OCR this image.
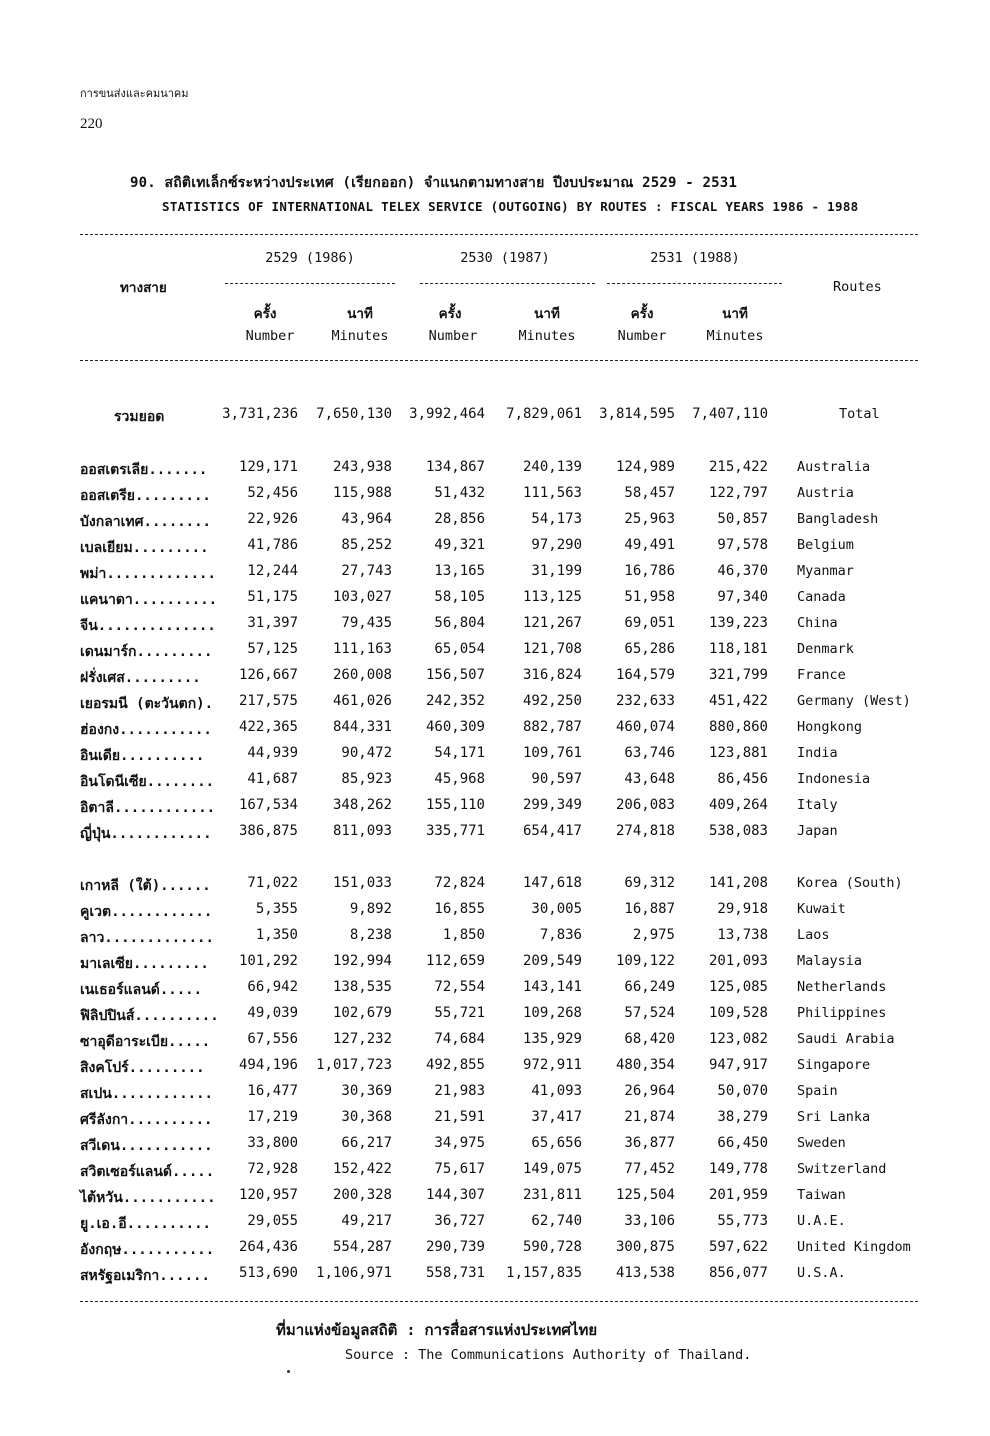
การขนส่งและคมนาคม
220
90. สถิติเทเล็กซ์ระหว่างประเทศ (เรียกออก) จำแนกตามทางสาย ปีงบประมาณ 2529 - 2531
STATISTICS OF INTERNATIONAL TELEX SERVICE (OUTGOING) BY ROUTES : FISCAL YEARS 1986 - 1988
ทางสาย	Routes
2529 (1986)	2530 (1987)	2531 (1988)
ครั้ง	นาที	ครั้ง	นาที	ครั้ง	นาที
Number	Minutes	Number	Minutes	Number	Minutes
รวมยอด	3,731,236 7,650,130 3,992,464 7,829,061 3,814,595 7,407,110	Total
ออสเตรเลีย....... 129,171 243,938 134,867	240,139 124,989 215,422 Australia
ออสเตรีย.........	52,456 115,988	51,432	111,563	58,457 122,797 Austria
บังกลาเทศ........	22,926	43,964	28,856	54,173	25,963	50,857 Bangladesh
เบลเยียม.........	41,786	85,252	49,321	97,290	49,491	97,578 Belgium
พม่า............. 12,244	27,743	13,165	31,199	16,786	46,370 Myanmar
แคนาดา.......... 51,175 103,027	58,105	113,125	51,958	97,340 Canada
จีน.............. 31,397	79,435	56,804	121,267	69,051 139,223 China
เดนมาร์ก.........	57,125 111,163	65,054	121,708	65,286 118,181 Denmark
ฝรั่งเศส.........	126,667 260,008 156,507	316,824 164,579 321,799 France
เยอรมนี (ตะวันตก). 217,575 461,026 242,352	492,250 232,633 451,422 Germany (West)
ฮ่องกง........... 422,365 844,331 460,309	882,787 460,074 880,860 Hongkong
อินเดีย..........	44,939	90,472	54,171	109,761	63,746 123,881 India
อินโดนีเซีย........ 41,687	85,923	45,968	90,597	43,648	86,456 Indonesia
อิตาลี............ 167,534 348,262 155,110	299,349 206,083 409,264 Italy
ญี่ปุ่น............ 386,875 811,093 335,771	654,417 274,818 538,083 Japan
เกาหลี (ใต้)......	71,022 151,033	72,824	147,618	69,312 141,208 Korea (South)
คูเวต............	5,355	9,892	16,855	30,005	16,887	29,918 Kuwait
ลาว.............	1,350	8,238	1,850	7,836	2,975	13,738 Laos
มาเลเซีย......... 101,292 192,994 112,659	209,549 109,122 201,093 Malaysia
เนเธอร์แลนด์.....	66,942 138,535	72,554	143,141	66,249 125,085 Netherlands
ฟิลิปปินส์.......... 49,039 102,679	55,721	109,268	57,524 109,528 Philippines
ซาอุดีอาระเบีย.....	67,556 127,232	74,684	135,929	68,420 123,082 Saudi Arabia
สิงคโปร์......... 494,196 1,017,723 492,855	972,911 480,354 947,917 Singapore
สเปน............ 16,477	30,369	21,983	41,093	26,964	50,070 Spain
ศรีลังกา.......... 17,219	30,368	21,591	37,417	21,874	38,279 Sri Lanka
สวีเดน........... 33,800	66,217	34,975	65,656	36,877	66,450 Sweden
สวิตเซอร์แลนด์..... 72,928 152,422	75,617	149,075	77,452 149,778 Switzerland
ไต้หวัน........... 120,957 200,328 144,307	231,811 125,504 201,959 Taiwan
ยู.เอ.อี..........	29,055	49,217	36,727	62,740	33,106	55,773 U.A.E.
อังกฤษ........... 264,436 554,287 290,739	590,728 300,875 597,622 United Kingdom
สหรัฐอเมริกา...... 513,690 1,106,971 558,731 1,157,835 413,538 856,077 U.S.A.
ที่มาแห่งข้อมูลสถิติ : การสื่อสารแห่งประเทศไทย
Source : The Communications Authority of Thailand.
